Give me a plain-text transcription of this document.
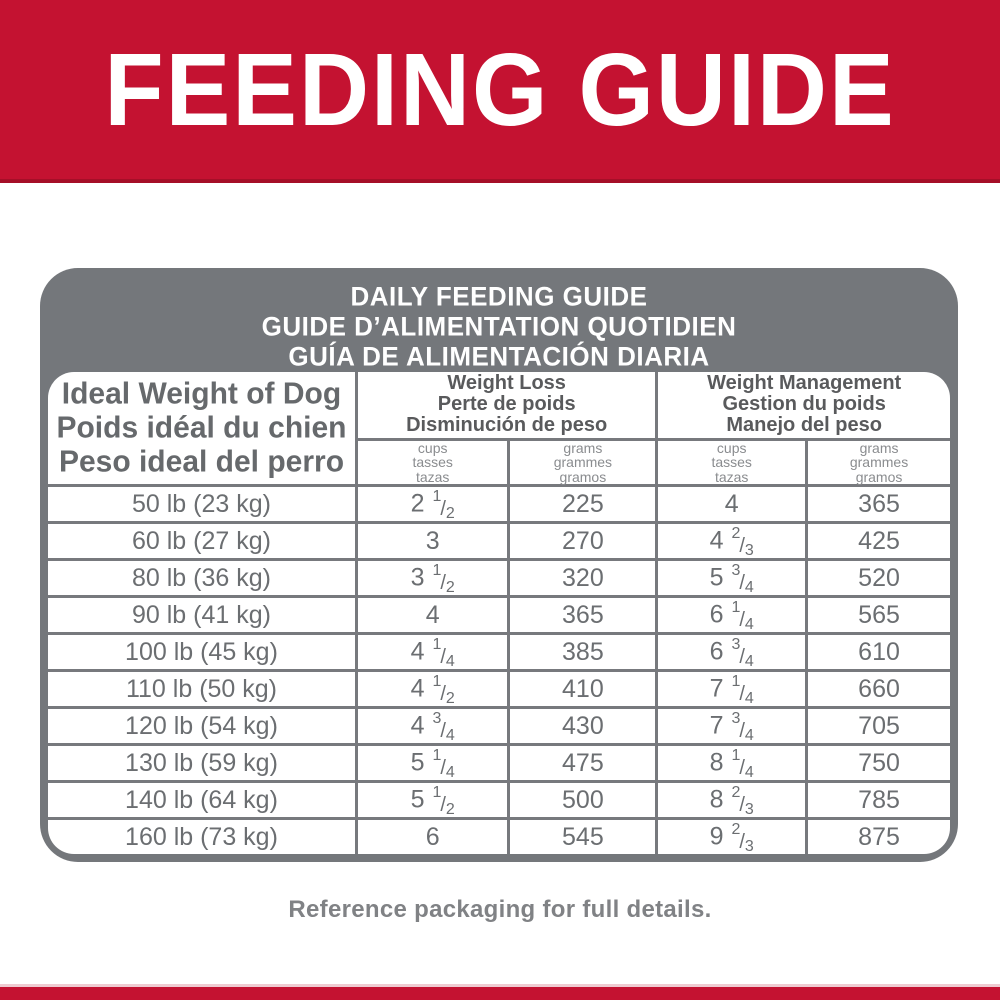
FEEDING GUIDE
DAILY FEEDING GUIDE
GUIDE D’ALIMENTATION QUOTIDIEN
GUÍA DE ALIMENTACIÓN DIARIA
Ideal Weight of Dog
Poids idéal du chien
Peso ideal del perro

Weight Loss
Perte de poids
Disminución de peso

Weight Management
Gestion du poids
Manejo del peso

cups
tasses
tazas

grams
grammes
gramos

cups
tasses
tazas

grams
grammes
gramos

50 lb (23 kg)	2 $^1/_2$	225	4	365
60 lb (27 kg)	3	270	4 $^2/_3$	425
80 lb (36 kg)	3 $^1/_2$	320	5 $^3/_4$	520
90 lb (41 kg)	4	365	6 $^1/_4$	565
100 lb (45 kg)	4 $^1/_4$	385	6 $^3/_4$	610
110 lb (50 kg)	4 $^1/_2$	410	7 $^1/_4$	660
120 lb (54 kg)	4 $^3/_4$	430	7 $^3/_4$	705
130 lb (59 kg)	5 $^1/_4$	475	8 $^1/_4$	750
140 lb (64 kg)	5 $^1/_2$	500	8 $^2/_3$	785
160 lb (73 kg)	6	545	9 $^2/_3$	875
Reference packaging for full details.
